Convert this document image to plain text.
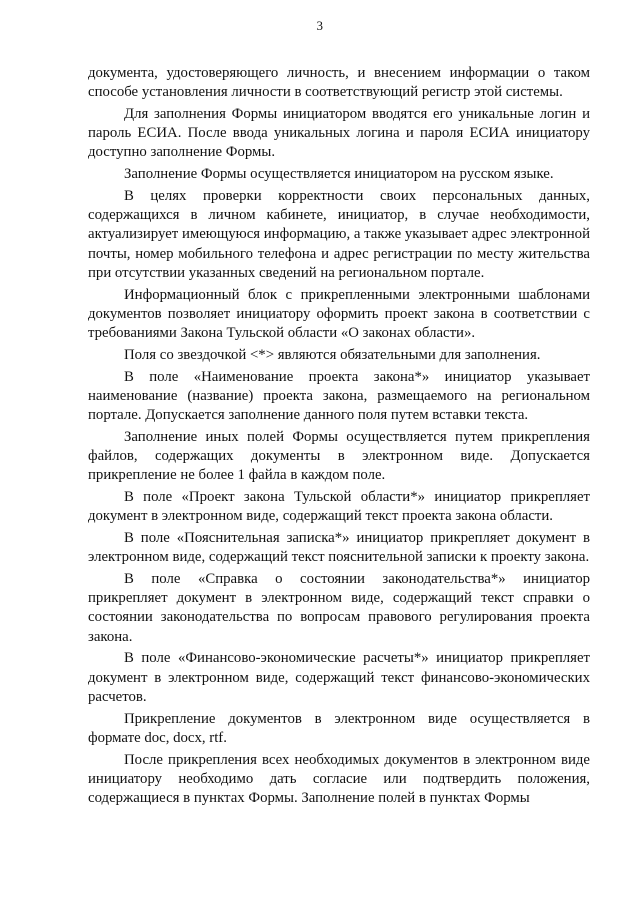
3

документа, удостоверяющего личность, и внесением информации о таком способе установления личности в соответствующий регистр этой системы.

Для заполнения Формы инициатором вводятся его уникальные логин и пароль ЕСИА. После ввода уникальных логина и пароля ЕСИА инициатору доступно заполнение Формы.

Заполнение Формы осуществляется инициатором на русском языке.

В целях проверки корректности своих персональных данных, содержащихся в личном кабинете, инициатор, в случае необходимости, актуализирует имеющуюся информацию, а также указывает адрес электронной почты, номер мобильного телефона и адрес регистрации по месту жительства при отсутствии указанных сведений на региональном портале.

Информационный блок с прикрепленными электронными шаблонами документов позволяет инициатору оформить проект закона в соответствии с требованиями Закона Тульской области «О законах области».

Поля со звездочкой <*> являются обязательными для заполнения.

В поле «Наименование проекта закона*» инициатор указывает наименование (название) проекта закона, размещаемого на региональном портале. Допускается заполнение данного поля путем вставки текста.

Заполнение иных полей Формы осуществляется путем прикрепления файлов, содержащих документы в электронном виде. Допускается прикрепление не более 1 файла в каждом поле.

В поле «Проект закона Тульской области*» инициатор прикрепляет документ в электронном виде, содержащий текст проекта закона области.

В поле «Пояснительная записка*» инициатор прикрепляет документ в электронном виде, содержащий текст пояснительной записки к проекту закона.

В поле «Справка о состоянии законодательства*» инициатор прикрепляет документ в электронном виде, содержащий текст справки о состоянии законодательства по вопросам правового регулирования проекта закона.

В поле «Финансово-экономические расчеты*» инициатор прикрепляет документ в электронном виде, содержащий текст финансово-экономических расчетов.

Прикрепление документов в электронном виде осуществляется в формате doc, docx, rtf.

После прикрепления всех необходимых документов в электронном виде инициатору необходимо дать согласие или подтвердить положения, содержащиеся в пунктах Формы. Заполнение полей в пунктах Формы
